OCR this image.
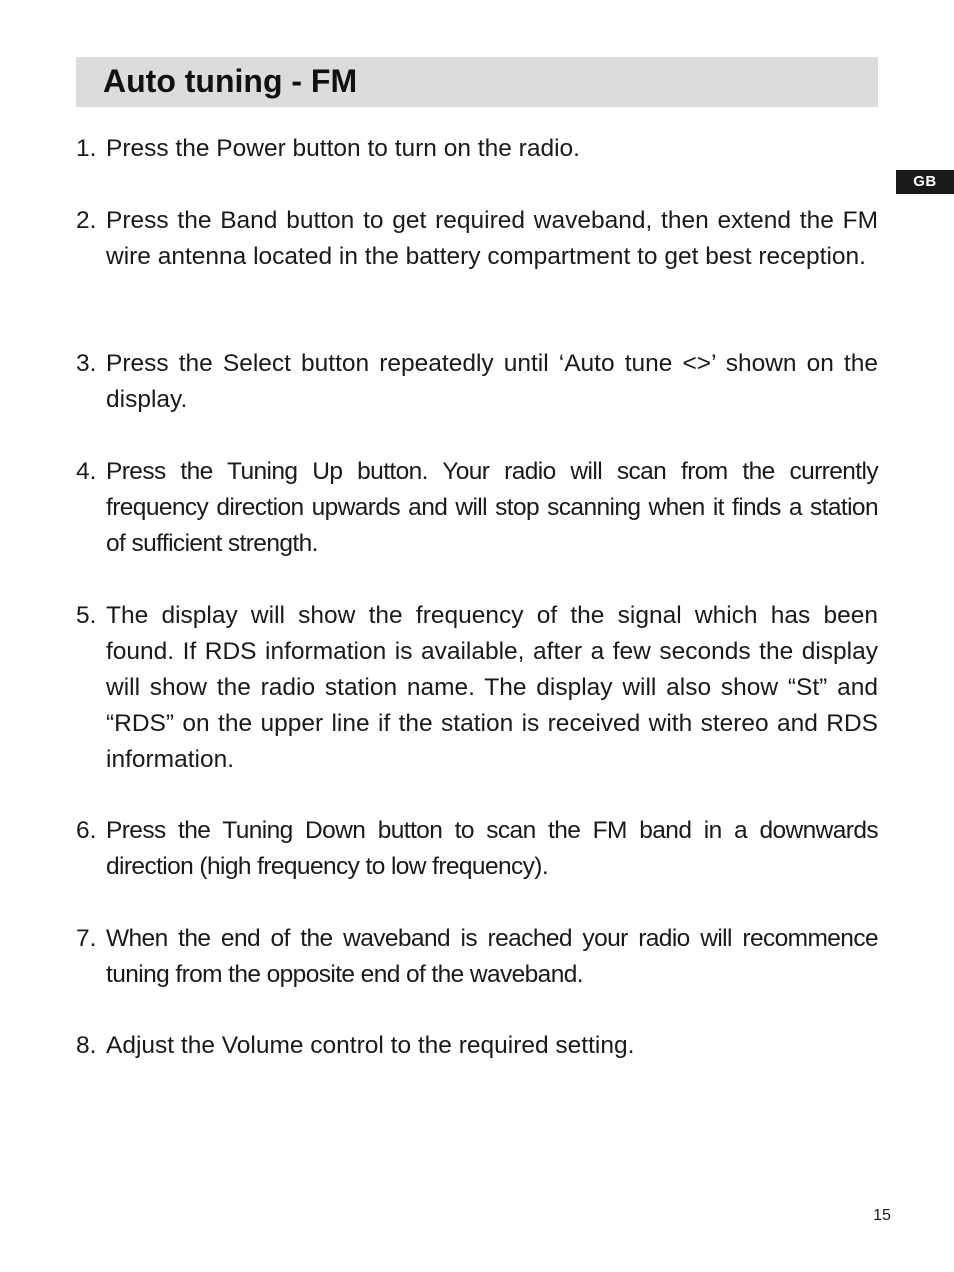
Auto tuning - FM
GB
1. Press the Power button to turn on the radio.
2. Press the Band button to get required waveband, then extend the FM wire antenna located in the battery compartment to get best reception.
3. Press the Select button repeatedly until ‘Auto tune <>’ shown on the display.
4. Press the Tuning Up button. Your radio will scan from the currently frequency direction upwards and will stop scanning when it finds a station of sufficient strength.
5. The display will show the frequency of the signal which has been found. If RDS information is available, after a few seconds the display will show the radio station name. The display will also show “St” and “RDS” on the upper line if the station is received with stereo and RDS information.
6. Press the Tuning Down button to scan the FM band in a downwards direction (high frequency to low frequency).
7. When the end of the waveband is reached your radio will recommence tuning from the opposite end of the waveband.
8. Adjust the Volume control to the required setting.
15
